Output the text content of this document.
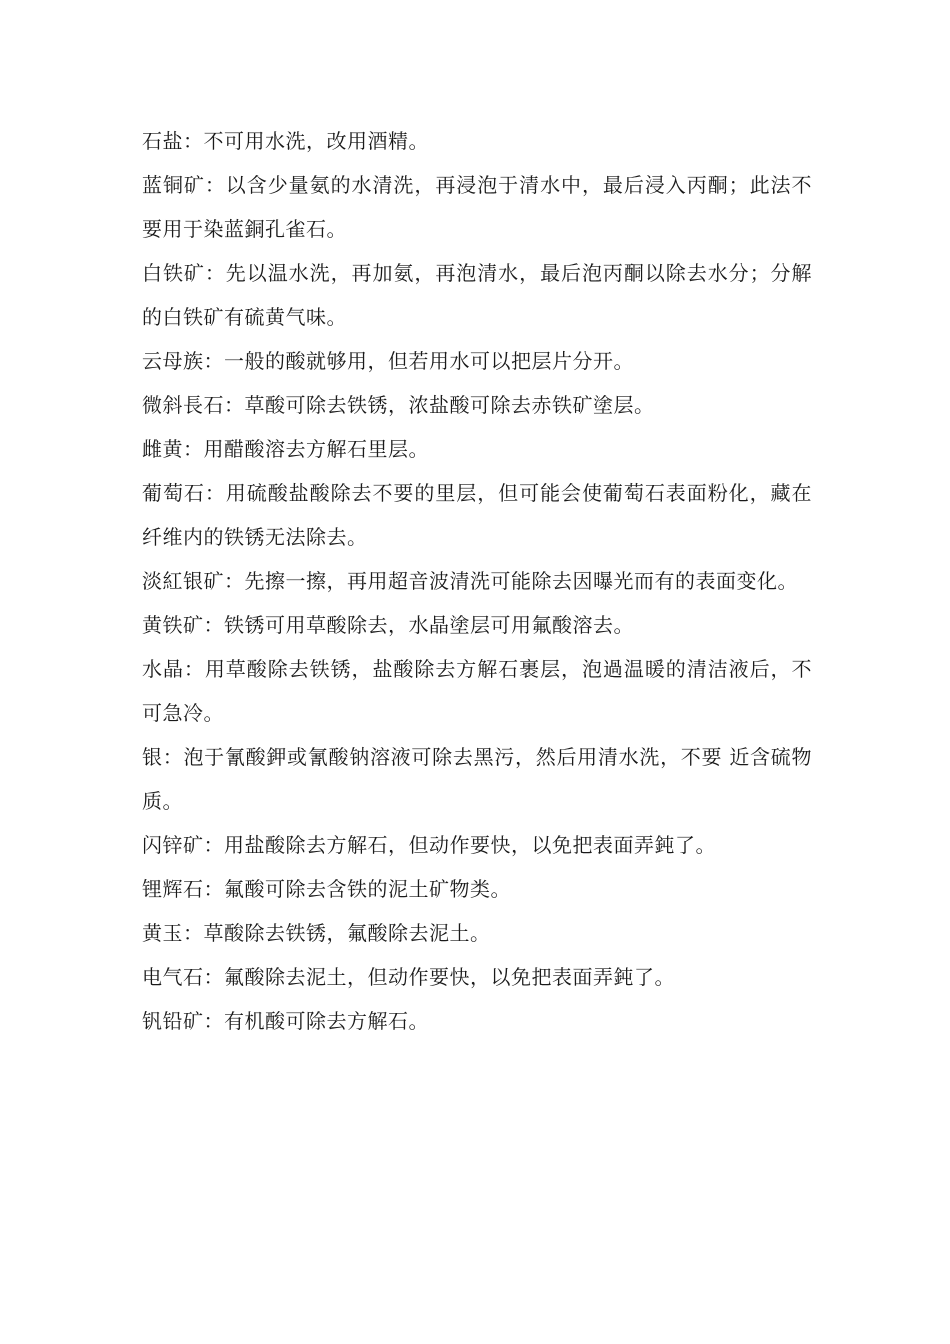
石盐：不可用水洗，改用酒精。

蓝铜矿：以含少量氨的水清洗，再浸泡于清水中，最后浸入丙酮；此法不要用于染蓝銅孔雀石。

白铁矿：先以温水洗，再加氨，再泡清水，最后泡丙酮以除去水分；分解的白铁矿有硫黄气味。

云母族：一般的酸就够用，但若用水可以把层片分开。

微斜長石：草酸可除去铁锈，浓盐酸可除去赤铁矿塗层。

雌黄：用醋酸溶去方解石里层。

葡萄石：用硫酸盐酸除去不要的里层，但可能会使葡萄石表面粉化，藏在纤维内的铁锈无法除去。

淡紅银矿：先擦一擦，再用超音波清洗可能除去因曝光而有的表面变化。

黄铁矿：铁锈可用草酸除去，水晶塗层可用氟酸溶去。

水晶：用草酸除去铁锈，盐酸除去方解石裹层，泡過温暖的清洁液后，不可急冷。

银：泡于氰酸鉀或氰酸钠溶液可除去黑污，然后用清水洗，不要 近含硫物质。

闪锌矿：用盐酸除去方解石，但动作要快，以免把表面弄鈍了。

锂辉石：氟酸可除去含铁的泥土矿物类。

黄玉：草酸除去铁锈，氟酸除去泥土。

电气石：氟酸除去泥土，但动作要快，以免把表面弄鈍了。

钒铅矿：有机酸可除去方解石。
